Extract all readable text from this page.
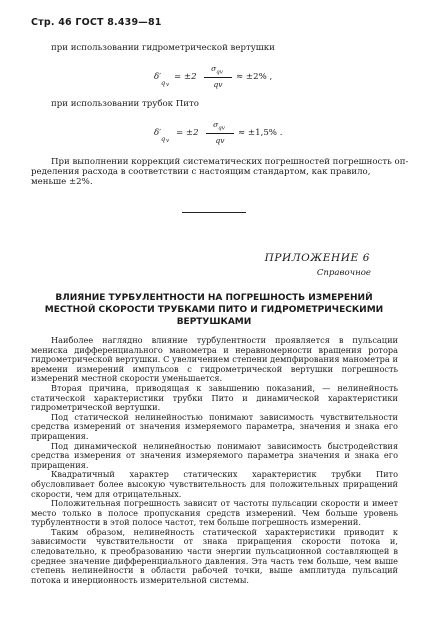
Стр. 46 ГОСТ 8.439—81
при использовании гидрометрической вертушки
δ′
q v
= ±2
$\sigma_{qv}$
qv
≈ ±2% ,
при использовании трубок Пито
δ′
q v
= ±2
$\sigma_{qv}$
qv
≈ ±1,5% .
При выполнении коррекций систематических погрешностей погрешность оп-
ределения расхода в соответствии с настоящим стандартом, как правило,
меньше ±2%.
ПРИЛОЖЕНИЕ 6
Справочное
ВЛИЯНИЕ ТУРБУЛЕНТНОСТИ НА ПОГРЕШНОСТЬ ИЗМЕРЕНИЙ
МЕСТНОЙ СКОРОСТИ ТРУБКАМИ ПИТО И ГИДРОМЕТРИЧЕСКИМИ
ВЕРТУШКАМИ

Наиболее наглядно влияние турбулентности проявляется в пульсации мениска дифференциального манометра и неравномерности вращения ротора гидрометрической вертушки. С увеличением степени демпфирования манометра и времени измерений импульсов с гидрометрической вертушки погрешность измерений местной скорости уменьшается.

Вторая причина, приводящая к завышению показаний, — нелинейность статической характеристики трубки Пито и динамической характеристики гидрометрической вертушки.

Под статической нелинейностью понимают зависимость чувствительности средства измерений от значения измеряемого параметра, значения и знака его приращения.

Под динамической нелинейностью понимают зависимость быстродействия средства измерения от значения измеряемого параметра значения и знака его приращения.

Квадратичный характер статических характеристик трубки Пито обусловливает более высокую чувствительность для положительных приращений скорости, чем для отрицательных.

Положительная погрешность зависит от частоты пульсации скорости и имеет место только в полосе пропускания средств измерений. Чем больше уровень турбулентности в этой полосе частот, тем больше погрешность измерений.

Таким образом, нелинейность статической характеристики приводит к зависимости чувствительности от знака приращения скорости потока и, следовательно, к преобразованию части энергии пульсационной составляющей в среднее значение дифференциального давления. Эта часть тем больше, чем выше степень нелинейности в области рабочей точки, выше амплитуда пульсаций потока и инерционность измерительной системы.
